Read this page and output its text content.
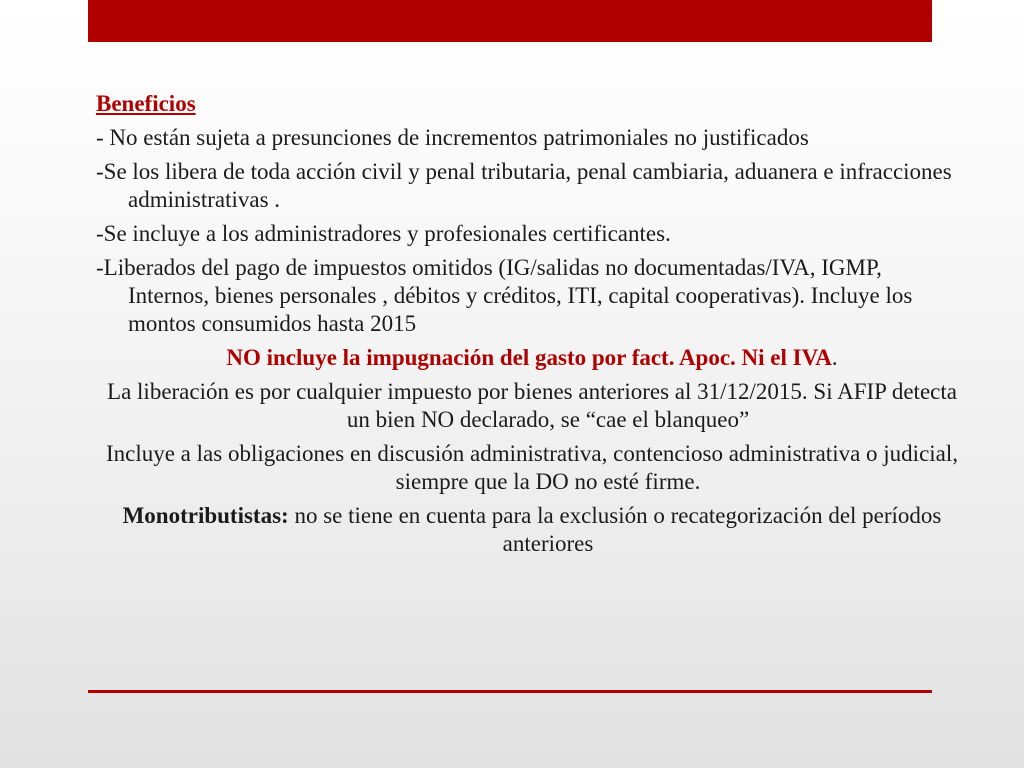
Beneficios

- No están sujeta a presunciones de incrementos patrimoniales no justificados

-Se los libera de toda acción civil y penal tributaria, penal cambiaria, aduanera e infracciones administrativas .

-Se incluye a los administradores y profesionales certificantes.

-Liberados del pago de impuestos omitidos (IG/salidas no documentadas/IVA, IGMP, Internos, bienes personales , débitos y créditos, ITI, capital cooperativas). Incluye los montos consumidos hasta 2015

NO incluye la impugnación del gasto por fact. Apoc. Ni el IVA.

La liberación es por cualquier impuesto por bienes anteriores al 31/12/2015. Si AFIP detecta un bien NO declarado, se “cae el blanqueo”

Incluye a las obligaciones en discusión administrativa, contencioso administrativa o judicial, siempre que la DO no esté firme.

Monotributistas: no se tiene en cuenta para la exclusión o recategorización del períodos anteriores
